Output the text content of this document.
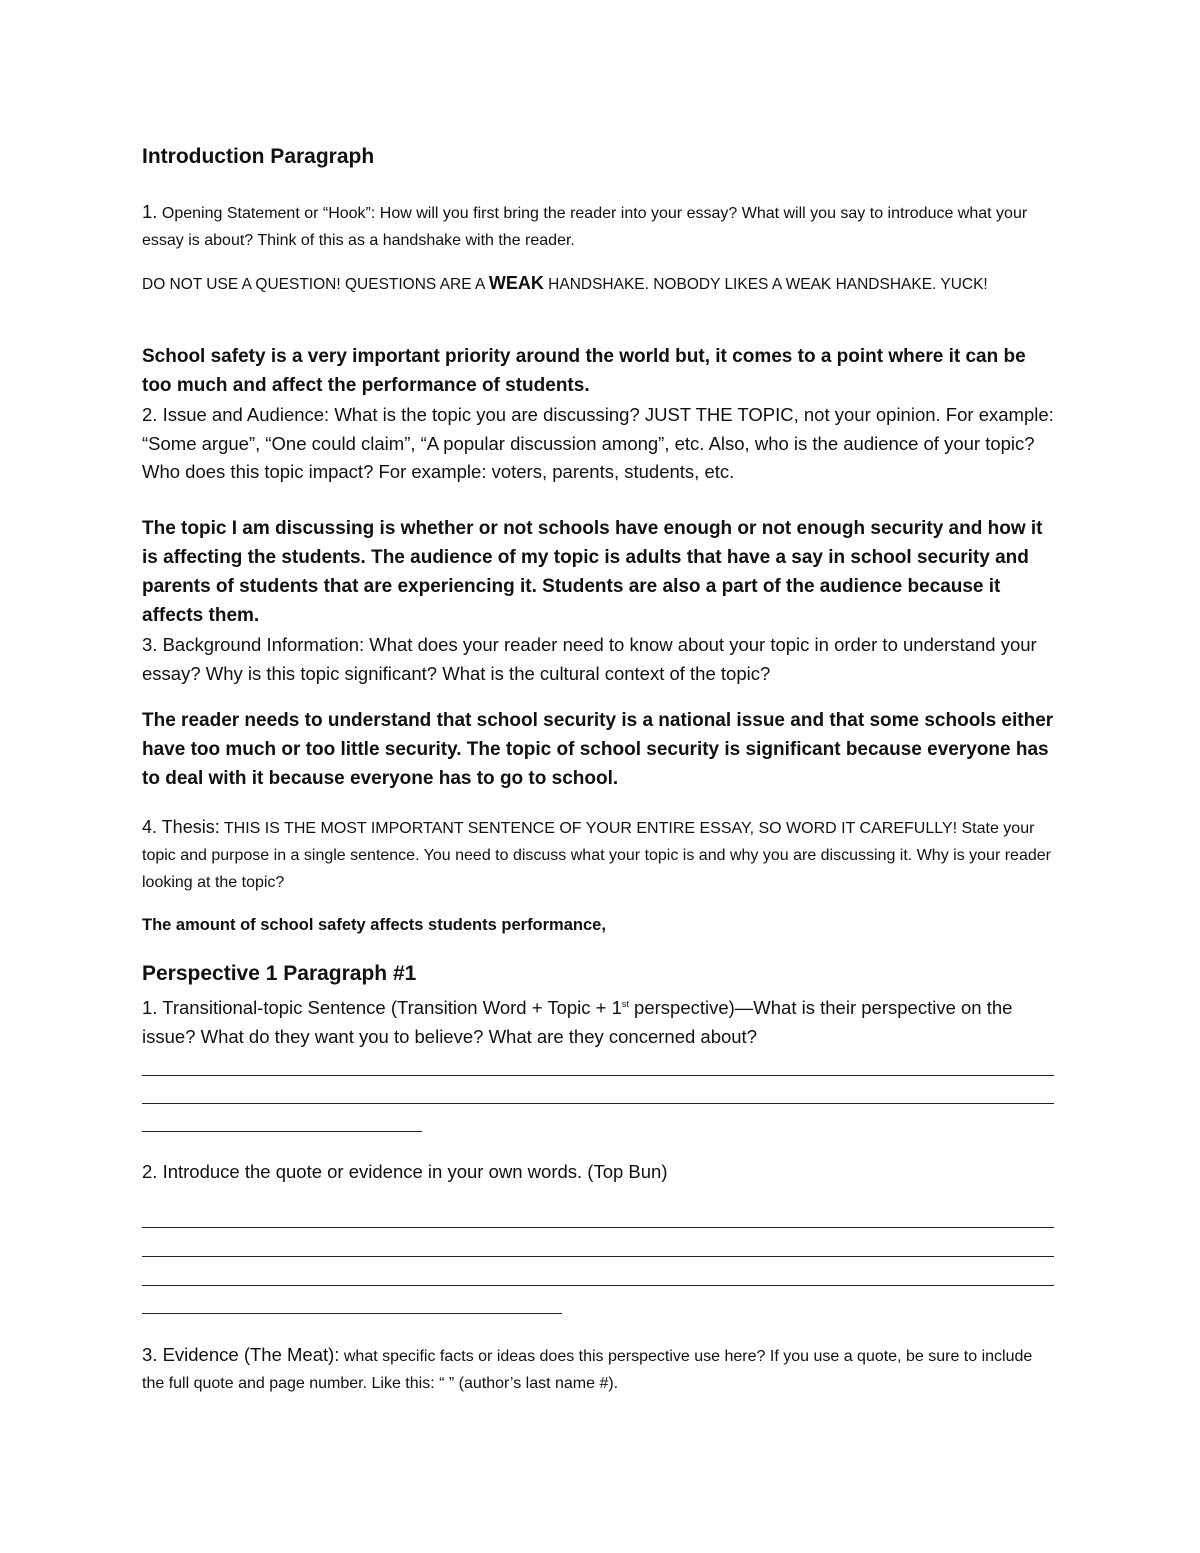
Introduction Paragraph
1. Opening Statement or “Hook”: How will you first bring the reader into your essay? What will you say to introduce what your essay is about? Think of this as a handshake with the reader.
DO NOT USE A QUESTION! QUESTIONS ARE A WEAK HANDSHAKE. NOBODY LIKES A WEAK HANDSHAKE. YUCK!
School safety is a very important priority around the world but, it comes to a point where it can be too much and affect the performance of students.
2. Issue and Audience: What is the topic you are discussing? JUST THE TOPIC, not your opinion. For example: “Some argue”, “One could claim”, “A popular discussion among”, etc. Also, who is the audience of your topic? Who does this topic impact? For example: voters, parents, students, etc.
The topic I am discussing is whether or not schools have enough or not enough security and how it is affecting the students. The audience of my topic is adults that have a say in school security and parents of students that are experiencing it. Students are also a part of the audience because it affects them.
3. Background Information: What does your reader need to know about your topic in order to understand your essay? Why is this topic significant? What is the cultural context of the topic?
The reader needs to understand that school security is a national issue and that some schools either have too much or too little security. The topic of school security is significant because everyone has to deal with it because everyone has to go to school.
4. Thesis: THIS IS THE MOST IMPORTANT SENTENCE OF YOUR ENTIRE ESSAY, SO WORD IT CAREFULLY! State your topic and purpose in a single sentence. You need to discuss what your topic is and why you are discussing it. Why is your reader looking at the topic?
The amount of school safety affects students performance,
Perspective 1 Paragraph #1
1. Transitional-topic Sentence (Transition Word + Topic + 1st perspective)—What is their perspective on the issue? What do they want you to believe? What are they concerned about?
2. Introduce the quote or evidence in your own words. (Top Bun)
3. Evidence (The Meat): what specific facts or ideas does this perspective use here? If you use a quote, be sure to include the full quote and page number. Like this: “ ” (author’s last name #).
